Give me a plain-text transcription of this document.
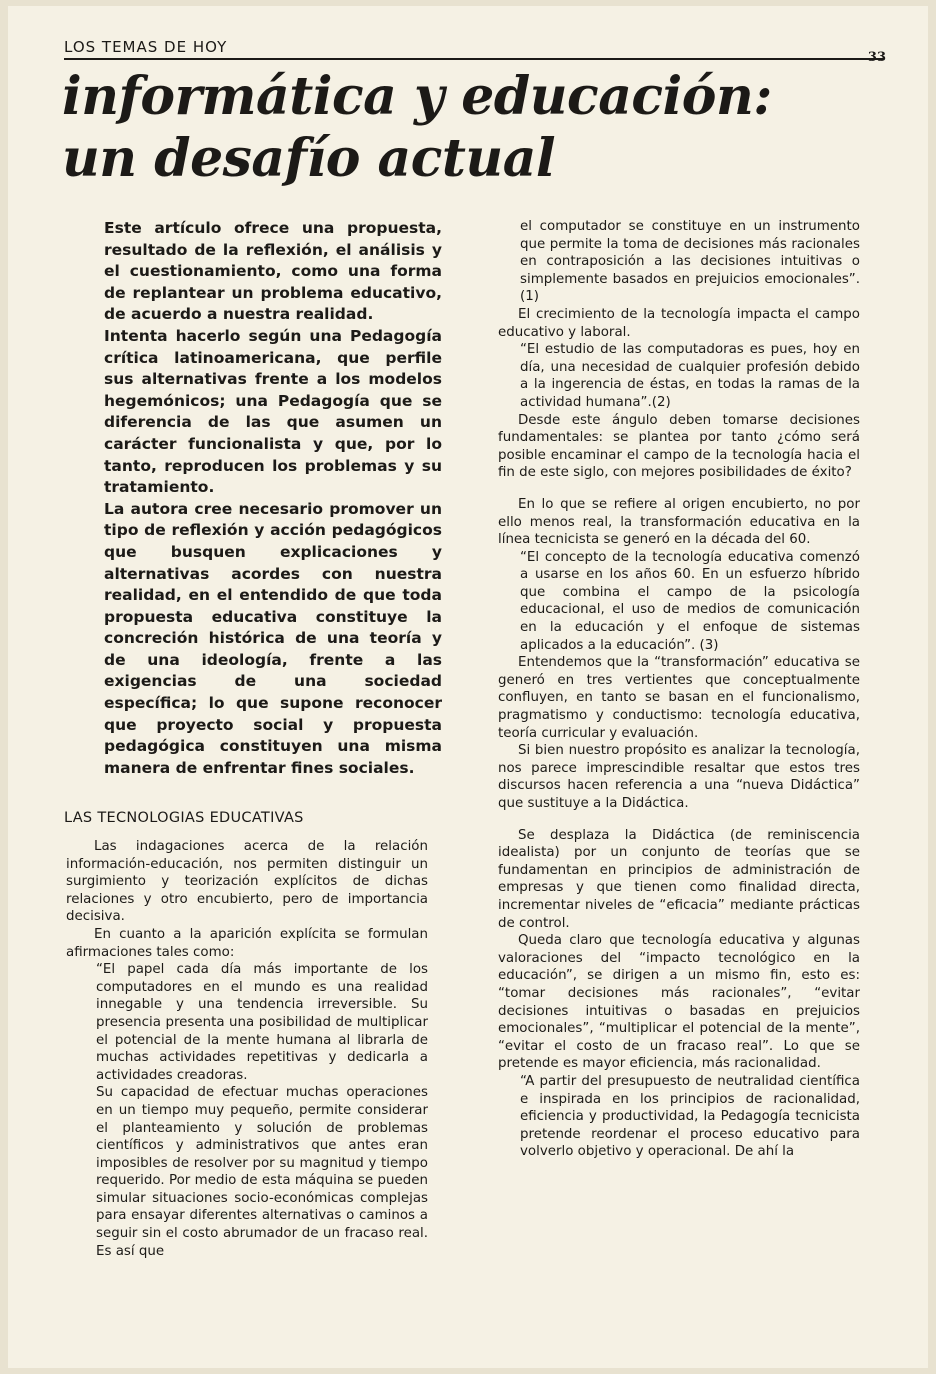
LOS TEMAS DE HOY
33
informática y educación:
un desafío actual

Este artículo ofrece una propuesta, resultado de la reflexión, el análisis y el cuestionamiento, como una forma de replantear un problema educativo, de acuerdo a nuestra realidad.

Intenta hacerlo según una Pedagogía crítica latinoamericana, que perfile sus alternativas frente a los modelos hegemónicos; una Pedagogía que se diferencia de las que asumen un carácter funcionalista y que, por lo tanto, reproducen los problemas y su tratamiento.

La autora cree necesario promover un tipo de reflexión y acción pedagógicos que busquen explicaciones y alternativas acordes con nuestra realidad, en el entendido de que toda propuesta educativa constituye la concreción histórica de una teoría y de una ideología, frente a las exigencias de una sociedad específica; lo que supone reconocer que proyecto social y propuesta pedagógica constituyen una misma manera de enfrentar fines sociales.

LAS TECNOLOGIAS EDUCATIVAS

Las indagaciones acerca de la relación información-educación, nos permiten distinguir un surgimiento y teorización explícitos de dichas relaciones y otro encubierto, pero de importancia decisiva.

En cuanto a la aparición explícita se formulan afirmaciones tales como:

“El papel cada día más importante de los computadores en el mundo es una realidad innegable y una tendencia irreversible. Su presencia presenta una posibilidad de multiplicar el potencial de la mente humana al librarla de muchas actividades repetitivas y dedicarla a actividades creadoras.
Su capacidad de efectuar muchas operaciones en un tiempo muy pequeño, permite considerar el planteamiento y solución de problemas científicos y administrativos que antes eran imposibles de resolver por su magnitud y tiempo requerido. Por medio de esta máquina se pueden simular situaciones socio-económicas complejas para ensayar diferentes alternativas o caminos a seguir sin el costo abrumador de un fracaso real. Es así que
el computador se constituye en un instrumento que permite la toma de decisiones más racionales en contraposición a las decisiones intuitivas o simplemente basados en prejuicios emocionales”. (1)

El crecimiento de la tecnología impacta el campo educativo y laboral.

“El estudio de las computadoras es pues, hoy en día, una necesidad de cualquier profesión debido a la ingerencia de éstas, en todas la ramas de la actividad humana”.(2)

Desde este ángulo deben tomarse decisiones fundamentales: se plantea por tanto ¿cómo será posible encaminar el campo de la tecnología hacia el fin de este siglo, con mejores posibilidades de éxito?

En lo que se refiere al origen encubierto, no por ello menos real, la transformación educativa en la línea tecnicista se generó en la década del 60.

“El concepto de la tecnología educativa comenzó a usarse en los años 60. En un esfuerzo híbrido que combina el campo de la psicología educacional, el uso de medios de comunicación en la educación y el enfoque de sistemas aplicados a la educación”. (3)

Entendemos que la “transformación” educativa se generó en tres vertientes que conceptualmente confluyen, en tanto se basan en el funcionalismo, pragmatismo y conductismo: tecnología educativa, teoría curricular y evaluación.

Si bien nuestro propósito es analizar la tecnología, nos parece imprescindible resaltar que estos tres discursos hacen referencia a una “nueva Didáctica” que sustituye a la Didáctica.

Se desplaza la Didáctica (de reminiscencia idealista) por un conjunto de teorías que se fundamentan en principios de administración de empresas y que tienen como finalidad directa, incrementar niveles de “eficacia” mediante prácticas de control.

Queda claro que tecnología educativa y algunas valoraciones del “impacto tecnológico en la educación”, se dirigen a un mismo fin, esto es: “tomar decisiones más racionales”, “evitar decisiones intuitivas o basadas en prejuicios emocionales”, “multiplicar el potencial de la mente”, “evitar el costo de un fracaso real”. Lo que se pretende es mayor eficiencia, más racionalidad.

“A partir del presupuesto de neutralidad científica e inspirada en los principios de racionalidad, eficiencia y productividad, la Pedagogía tecnicista pretende reordenar el proceso educativo para volverlo objetivo y operacional. De ahí la
